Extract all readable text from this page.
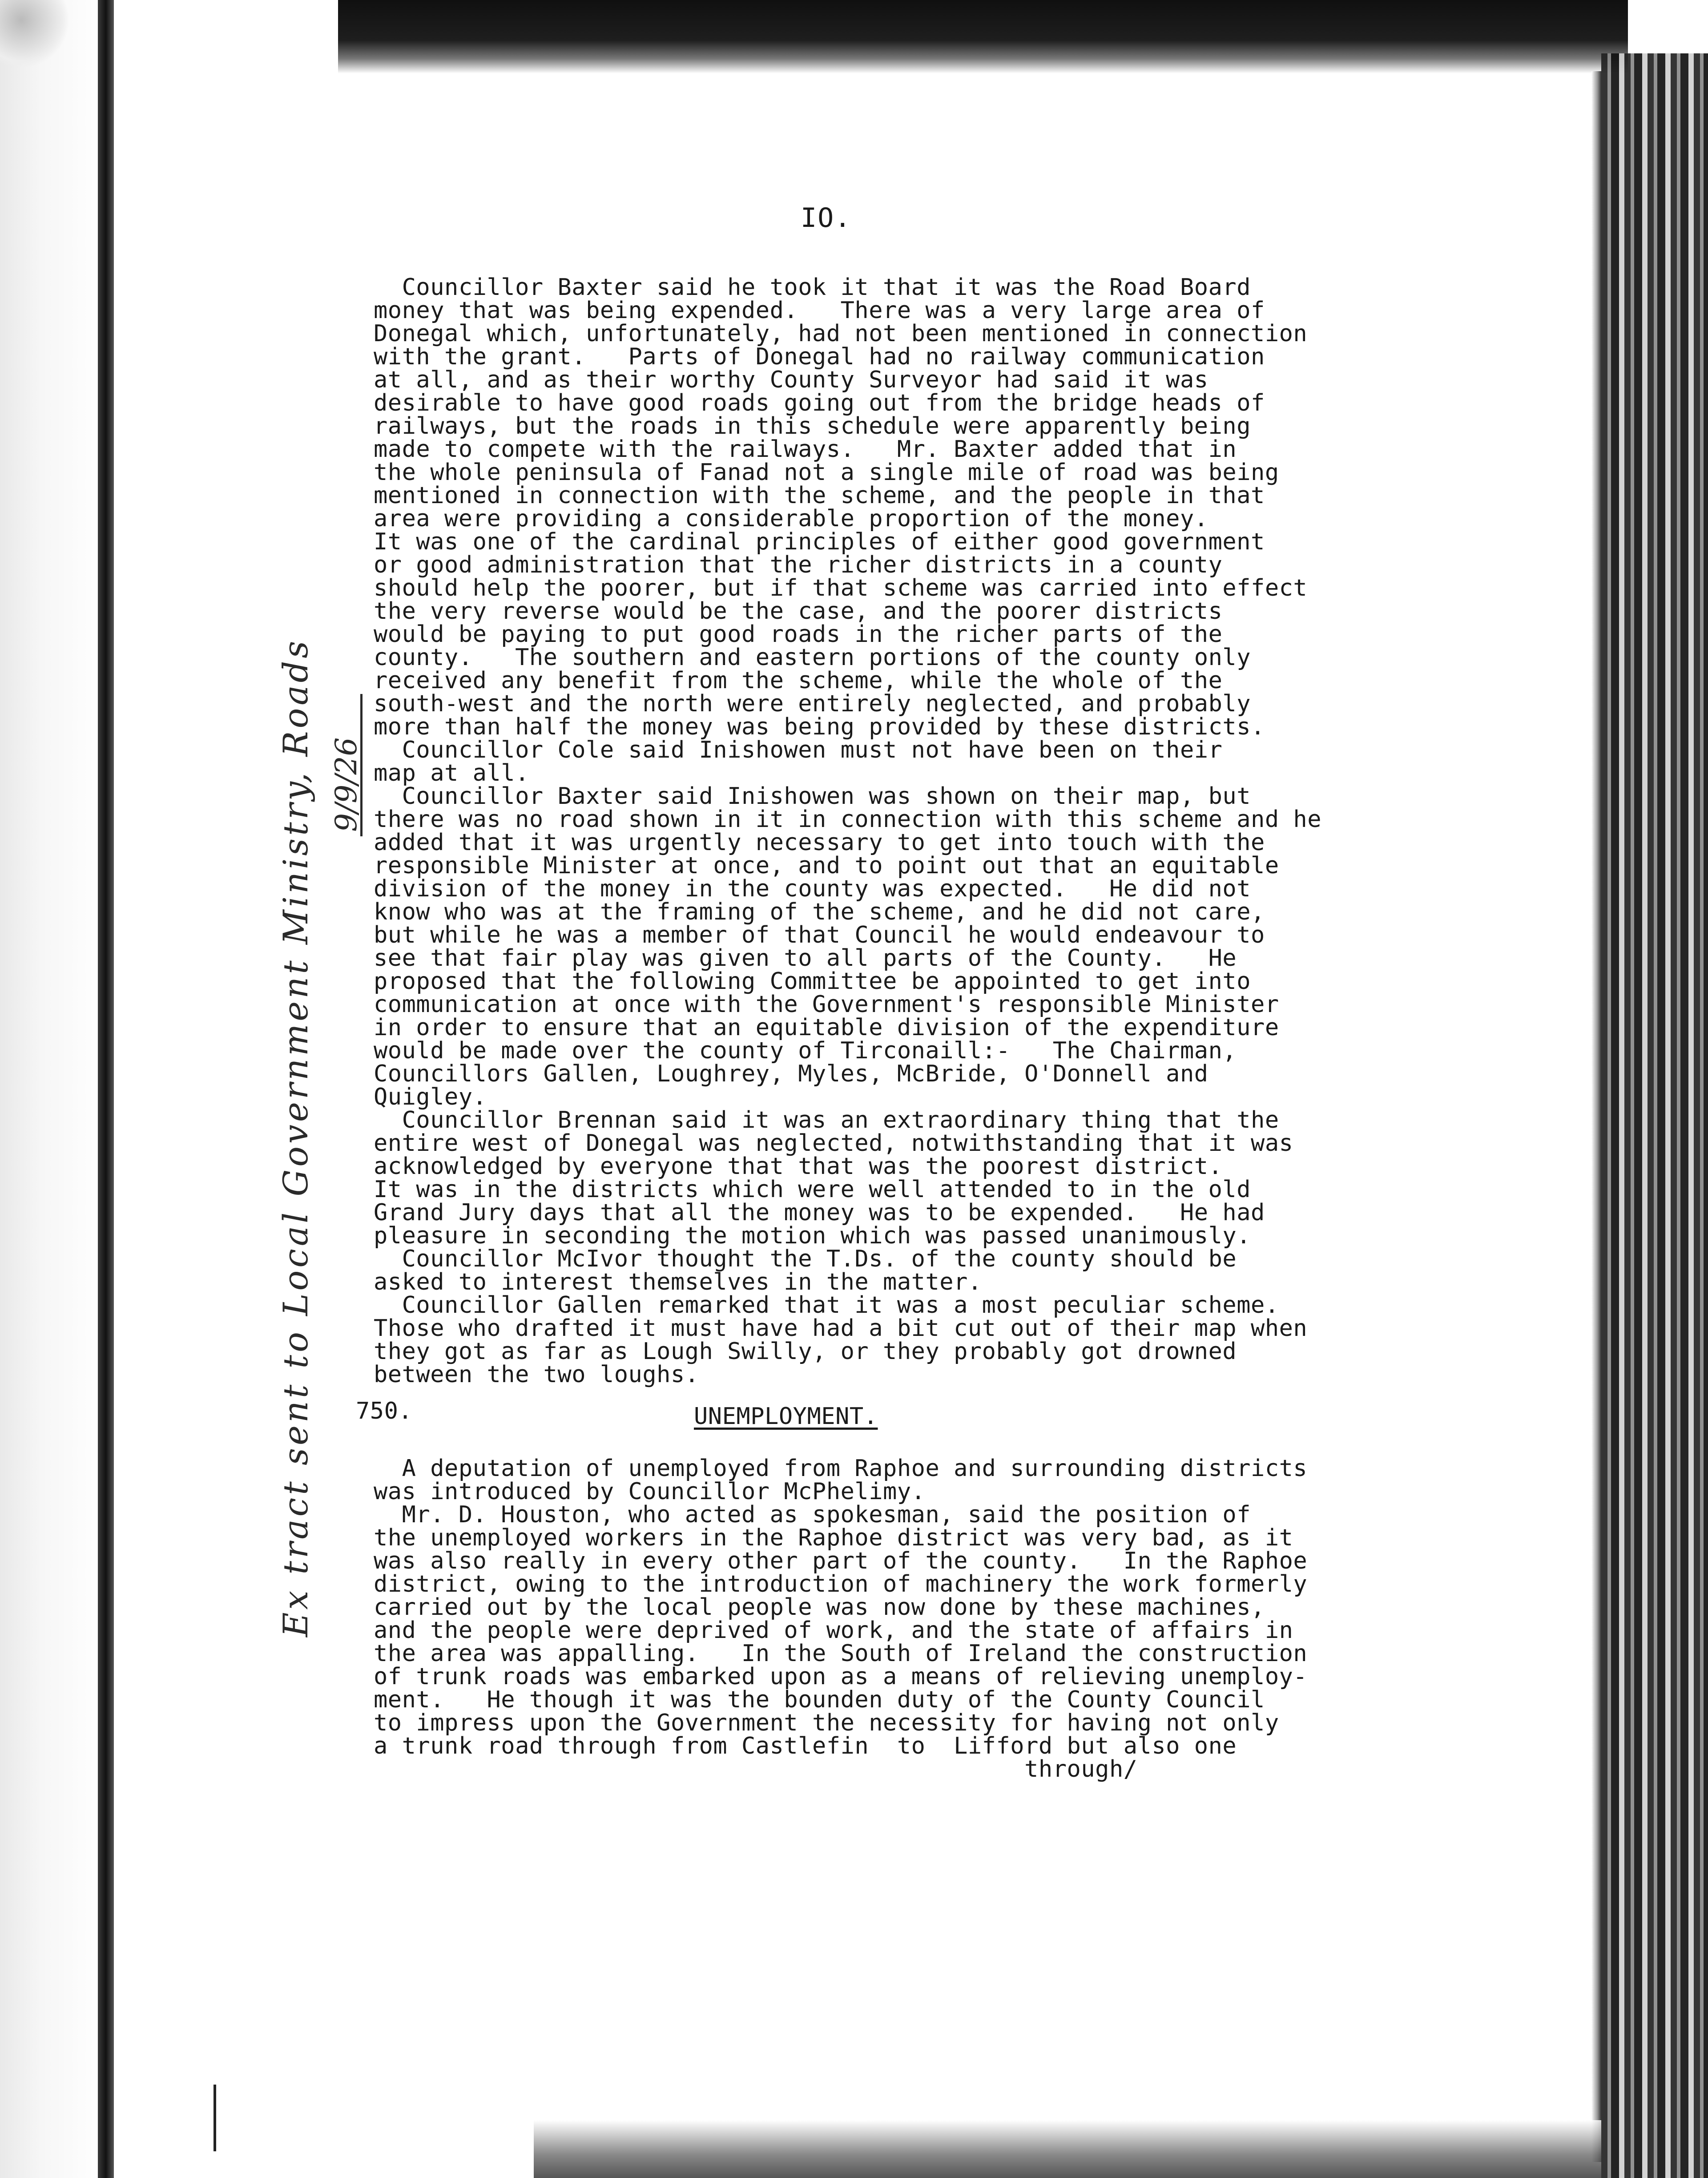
IO.
Ex tract sent to Local Government Ministry, Roads 9/9/26
Councillor Baxter said he took it that it was the Road Board
money that was being expended.   There was a very large area of
Donegal which, unfortunately, had not been mentioned in connection
with the grant.   Parts of Donegal had no railway communication
at all, and as their worthy County Surveyor had said it was
desirable to have good roads going out from the bridge heads of
railways, but the roads in this schedule were apparently being
made to compete with the railways.   Mr. Baxter added that in
the whole peninsula of Fanad not a single mile of road was being
mentioned in connection with the scheme, and the people in that
area were providing a considerable proportion of the money.
It was one of the cardinal principles of either good government
or good administration that the richer districts in a county
should help the poorer, but if that scheme was carried into effect
the very reverse would be the case, and the poorer districts
would be paying to put good roads in the richer parts of the
county.   The southern and eastern portions of the county only
received any benefit from the scheme, while the whole of the
south-west and the north were entirely neglected, and probably
more than half the money was being provided by these districts.
Councillor Cole said Inishowen must not have been on their
map at all.
Councillor Baxter said Inishowen was shown on their map, but
there was no road shown in it in connection with this scheme and he
added that it was urgently necessary to get into touch with the
responsible Minister at once, and to point out that an equitable
division of the money in the county was expected.   He did not
know who was at the framing of the scheme, and he did not care,
but while he was a member of that Council he would endeavour to
see that fair play was given to all parts of the County.   He
proposed that the following Committee be appointed to get into
communication at once with the Government's responsible Minister
in order to ensure that an equitable division of the expenditure
would be made over the county of Tirconaill:-   The Chairman,
Councillors Gallen, Loughrey, Myles, McBride, O'Donnell and
Quigley.
Councillor Brennan said it was an extraordinary thing that the
entire west of Donegal was neglected, notwithstanding that it was
acknowledged by everyone that that was the poorest district.
It was in the districts which were well attended to in the old
Grand Jury days that all the money was to be expended.   He had
pleasure in seconding the motion which was passed unanimously.
Councillor McIvor thought the T.Ds. of the county should be
asked to interest themselves in the matter.
Councillor Gallen remarked that it was a most peculiar scheme.
Those who drafted it must have had a bit cut out of their map when
they got as far as Lough Swilly, or they probably got drowned
between the two loughs.
750.	UNEMPLOYMENT.
A deputation of unemployed from Raphoe and surrounding districts
was introduced by Councillor McPhelimy.
Mr. D. Houston, who acted as spokesman, said the position of
the unemployed workers in the Raphoe district was very bad, as it
was also really in every other part of the county.   In the Raphoe
district, owing to the introduction of machinery the work formerly
carried out by the local people was now done by these machines,
and the people were deprived of work, and the state of affairs in
the area was appalling.   In the South of Ireland the construction
of trunk roads was embarked upon as a means of relieving unemploy-
ment.   He though it was the bounden duty of the County Council
to impress upon the Government the necessity for having not only
a trunk road through from Castlefin  to  Lifford but also one
through/
